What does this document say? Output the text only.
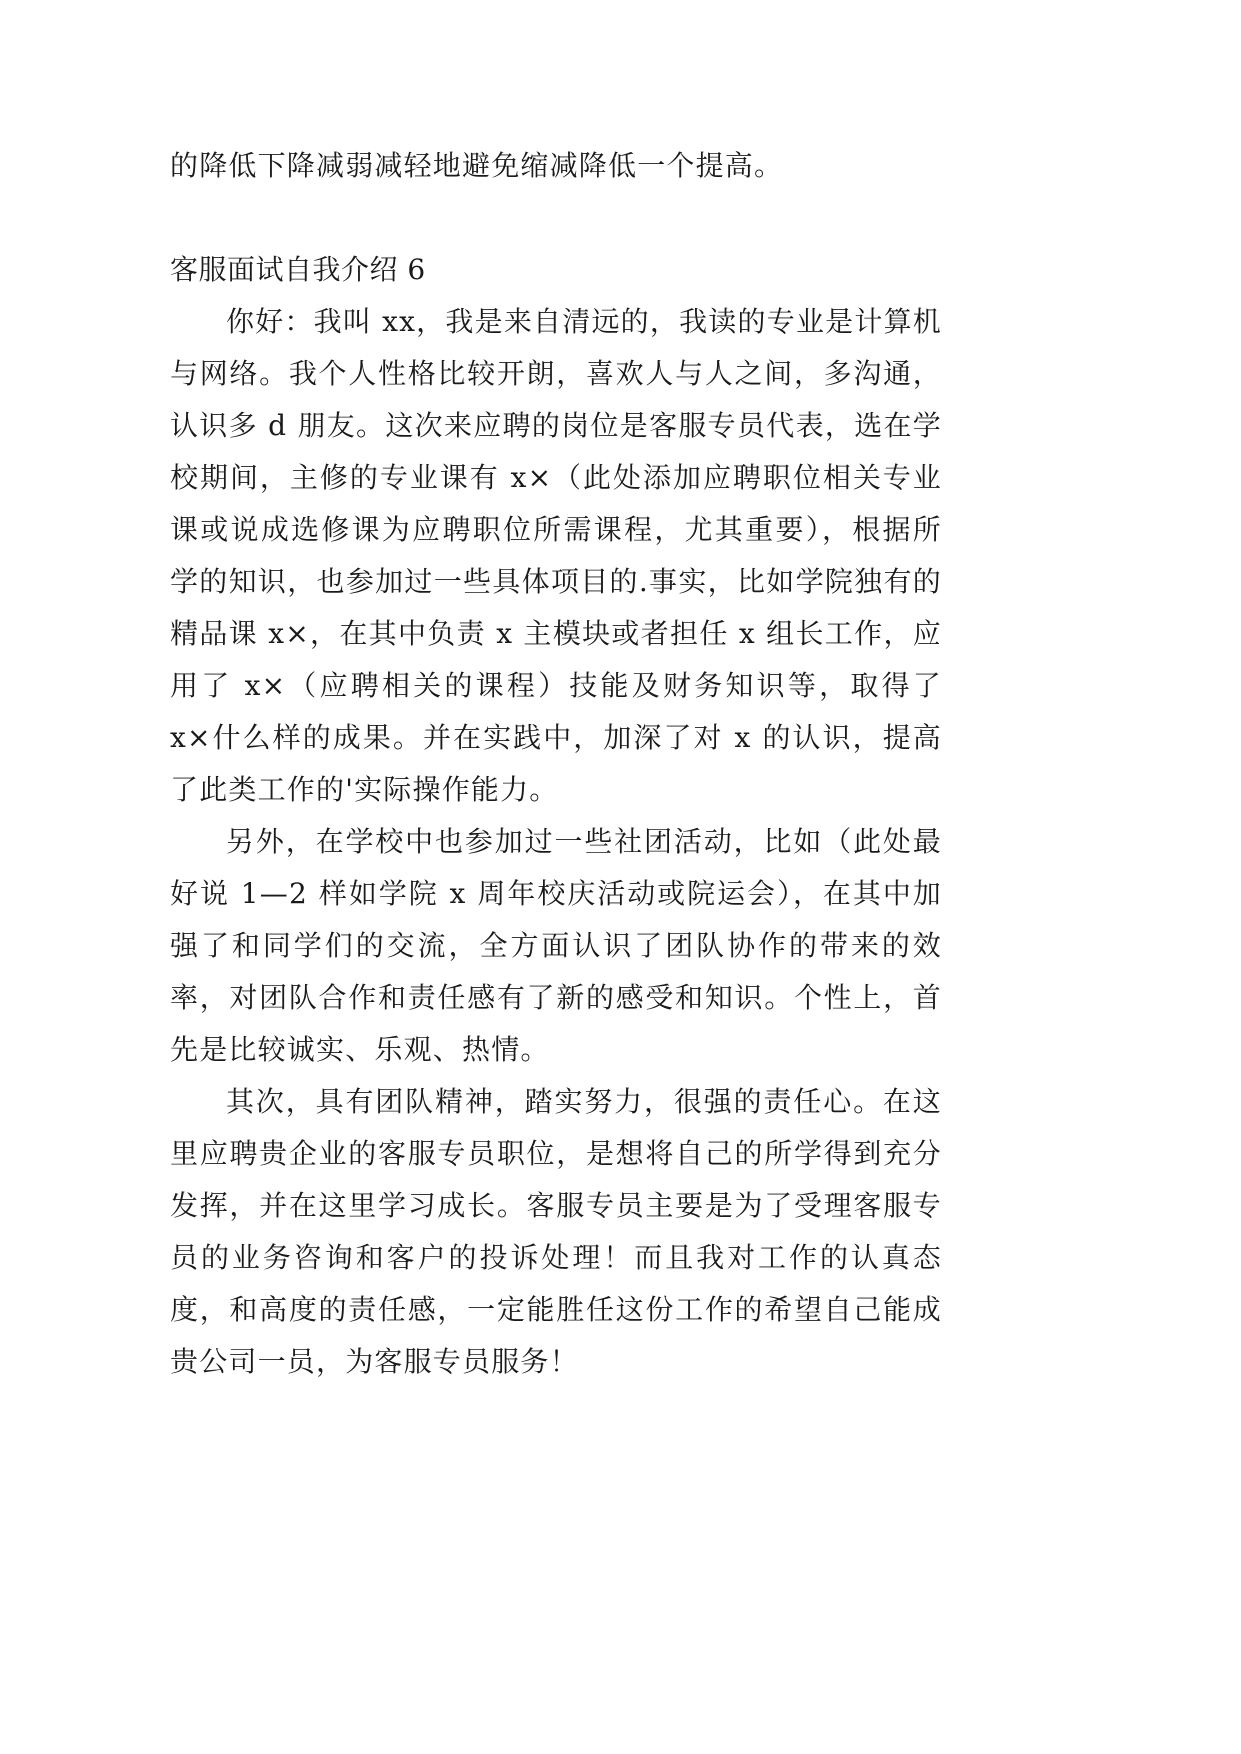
的降低下降减弱减轻地避免缩减降低一个提高。

客服面试自我介绍 6

你好：我叫 xx，我是来自清远的，我读的专业是计算机与网络。我个人性格比较开朗，喜欢人与人之间，多沟通，认识多 d 朋友。这次来应聘的岗位是客服专员代表，选在学校期间，主修的专业课有 x×（此处添加应聘职位相关专业课或说成选修课为应聘职位所需课程，尤其重要），根据所学的知识，也参加过一些具体项目的.事实，比如学院独有的精品课 x×，在其中负责 x 主模块或者担任 x 组长工作，应用了 x×（应聘相关的课程）技能及财务知识等，取得了 x×什么样的成果。并在实践中，加深了对 x 的认识，提高了此类工作的'实际操作能力。

另外，在学校中也参加过一些社团活动，比如（此处最好说 1—2 样如学院 x 周年校庆活动或院运会），在其中加强了和同学们的交流，全方面认识了团队协作的带来的效率，对团队合作和责任感有了新的感受和知识。个性上，首先是比较诚实、乐观、热情。

其次，具有团队精神，踏实努力，很强的责任心。在这里应聘贵企业的客服专员职位，是想将自己的所学得到充分发挥，并在这里学习成长。客服专员主要是为了受理客服专员的业务咨询和客户的投诉处理！而且我对工作的认真态度，和高度的责任感，一定能胜任这份工作的希望自己能成贵公司一员，为客服专员服务！
